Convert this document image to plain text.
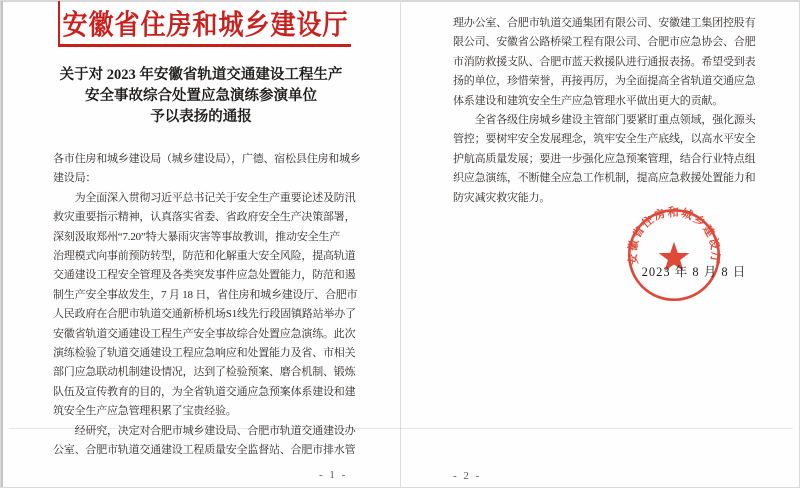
安徽省住房和城乡建设厅
关于对 2023 年安徽省轨道交通建设工程生产
安全事故综合处置应急演练参演单位
予以表扬的通报
各市住房和城乡建设局（城乡建设局），广德、宿松县住房和城乡
建设局：
　　为全面深入贯彻习近平总书记关于安全生产重要论述及防汛
救灾重要指示精神，认真落实省委、省政府安全生产决策部署，
深刻汲取郑州“7.20”特大暴雨灾害等事故教训，推动安全生产
治理模式向事前预防转型，防范和化解重大安全风险，提高轨道
交通建设工程安全管理及各类突发事件应急处置能力，防范和遏
制生产安全事故发生，7 月 18 日，省住房和城乡建设厅、合肥市
人民政府在合肥市轨道交通新桥机场S1线先行段固镇路站举办了
安徽省轨道交通建设工程生产安全事故综合处置应急演练。此次
演练检验了轨道交通建设工程应急响应和处置能力及省、市相关
部门应急联动机制建设情况，达到了检验预案、磨合机制、锻炼
队伍及宣传教育的目的，为全省轨道交通应急预案体系建设和建
筑安全生产应急管理积累了宝贵经验。
　　经研究，决定对合肥市城乡建设局、合肥市轨道交通建设办
公室、合肥市轨道交通建设工程质量安全监督站、合肥市排水管
- 1 -
理办公室、合肥市轨道交通集团有限公司、安徽建工集团控股有
限公司、安徽省公路桥梁工程有限公司、合肥市应急协会、合肥
市消防救援支队、合肥市蓝天救援队进行通报表扬。希望受到表
扬的单位，珍惜荣誉，再接再厉，为全面提高全省轨道交通应急
体系建设和建筑安全生产应急管理水平做出更大的贡献。
　　全省各级住房城乡建设主管部门要紧盯重点领域，强化源头
管控；要树牢安全发展理念，筑牢安全生产底线，以高水平安全
护航高质量发展；要进一步强化应急预案管理，结合行业特点组
织应急演练，不断健全应急工作机制，提高应急救援处置能力和
防灾减灾救灾能力。
安徽省住房和城乡建设厅
2023 年 8 月 8 日
- 2 -
